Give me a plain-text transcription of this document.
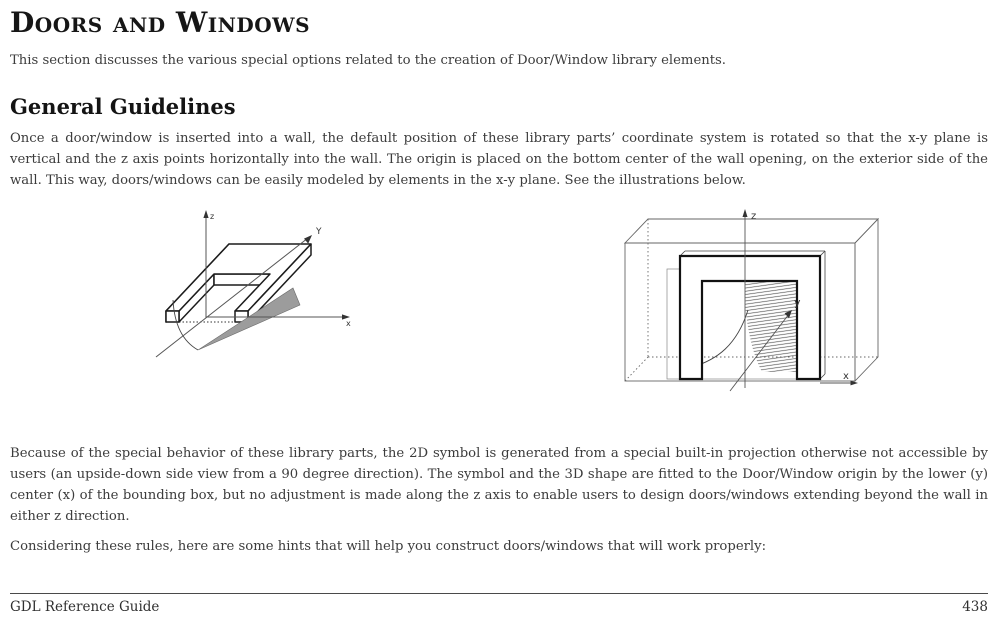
Doors and Windows

This section discusses the various special options related to the creation of Door/Window library elements.

General Guidelines

Once a door/window is inserted into a wall, the default position of these library parts’ coordinate system is rotated so that the x-y plane is vertical and the z axis points horizontally into the wall. The origin is placed on the bottom center of the wall opening, on the exterior side of the wall. This way, doors/windows can be easily modeled by elements in the x-y plane. See the illustrations below.

z
Y
x
z
y
x

Because of the special behavior of these library parts, the 2D symbol is generated from a special built-in projection otherwise not accessible by users (an upside-down side view from a 90 degree direction). The symbol and the 3D shape are fitted to the Door/Window origin by the lower (y) center (x) of the bounding box, but no adjustment is made along the z axis to enable users to design doors/windows extending beyond the wall in either z direction.

Considering these rules, here are some hints that will help you construct doors/windows that will work properly:

GDL Reference Guide	438
